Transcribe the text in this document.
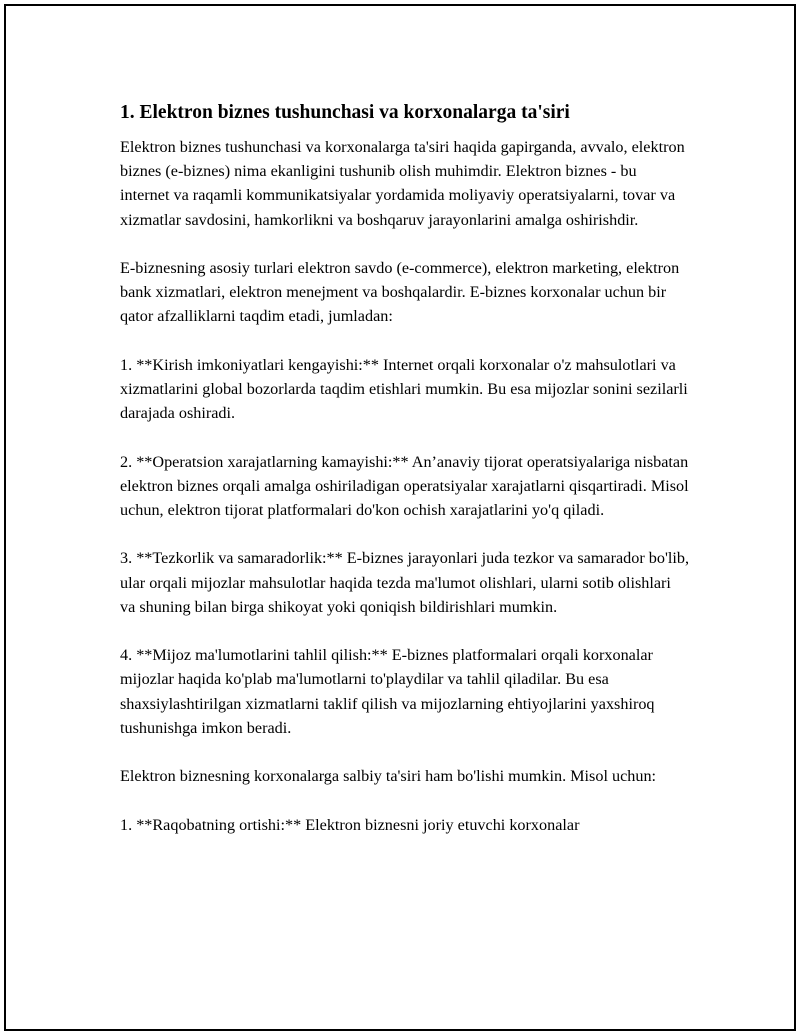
1. Elektron biznes tushunchasi va korxonalarga ta'siri

Elektron biznes tushunchasi va korxonalarga ta'siri haqida gapirganda, avvalo, elektron biznes (e-biznes) nima ekanligini tushunib olish muhimdir. Elektron biznes - bu internet va raqamli kommunikatsiyalar yordamida moliyaviy operatsiyalarni, tovar va xizmatlar savdosini, hamkorlikni va boshqaruv jarayonlarini amalga oshirishdir.

E-biznesning asosiy turlari elektron savdo (e-commerce), elektron marketing, elektron bank xizmatlari, elektron menejment va boshqalardir. E-biznes korxonalar uchun bir qator afzalliklarni taqdim etadi, jumladan:

1. **Kirish imkoniyatlari kengayishi:** Internet orqali korxonalar o'z mahsulotlari va xizmatlarini global bozorlarda taqdim etishlari mumkin. Bu esa mijozlar sonini sezilarli darajada oshiradi.

2. **Operatsion xarajatlarning kamayishi:** An’anaviy tijorat operatsiyalariga nisbatan elektron biznes orqali amalga oshiriladigan operatsiyalar xarajatlarni qisqartiradi. Misol uchun, elektron tijorat platformalari do'kon ochish xarajatlarini yo'q qiladi.

3. **Tezkorlik va samaradorlik:** E-biznes jarayonlari juda tezkor va samarador bo'lib, ular orqali mijozlar mahsulotlar haqida tezda ma'lumot olishlari, ularni sotib olishlari va shuning bilan birga shikoyat yoki qoniqish bildirishlari mumkin.

4. **Mijoz ma'lumotlarini tahlil qilish:** E-biznes platformalari orqali korxonalar mijozlar haqida ko'plab ma'lumotlarni to'playdilar va tahlil qiladilar. Bu esa shaxsiylashtirilgan xizmatlarni taklif qilish va mijozlarning ehtiyojlarini yaxshiroq tushunishga imkon beradi.

Elektron biznesning korxonalarga salbiy ta'siri ham bo'lishi mumkin. Misol uchun:

1. **Raqobatning ortishi:** Elektron biznesni joriy etuvchi korxonalar
